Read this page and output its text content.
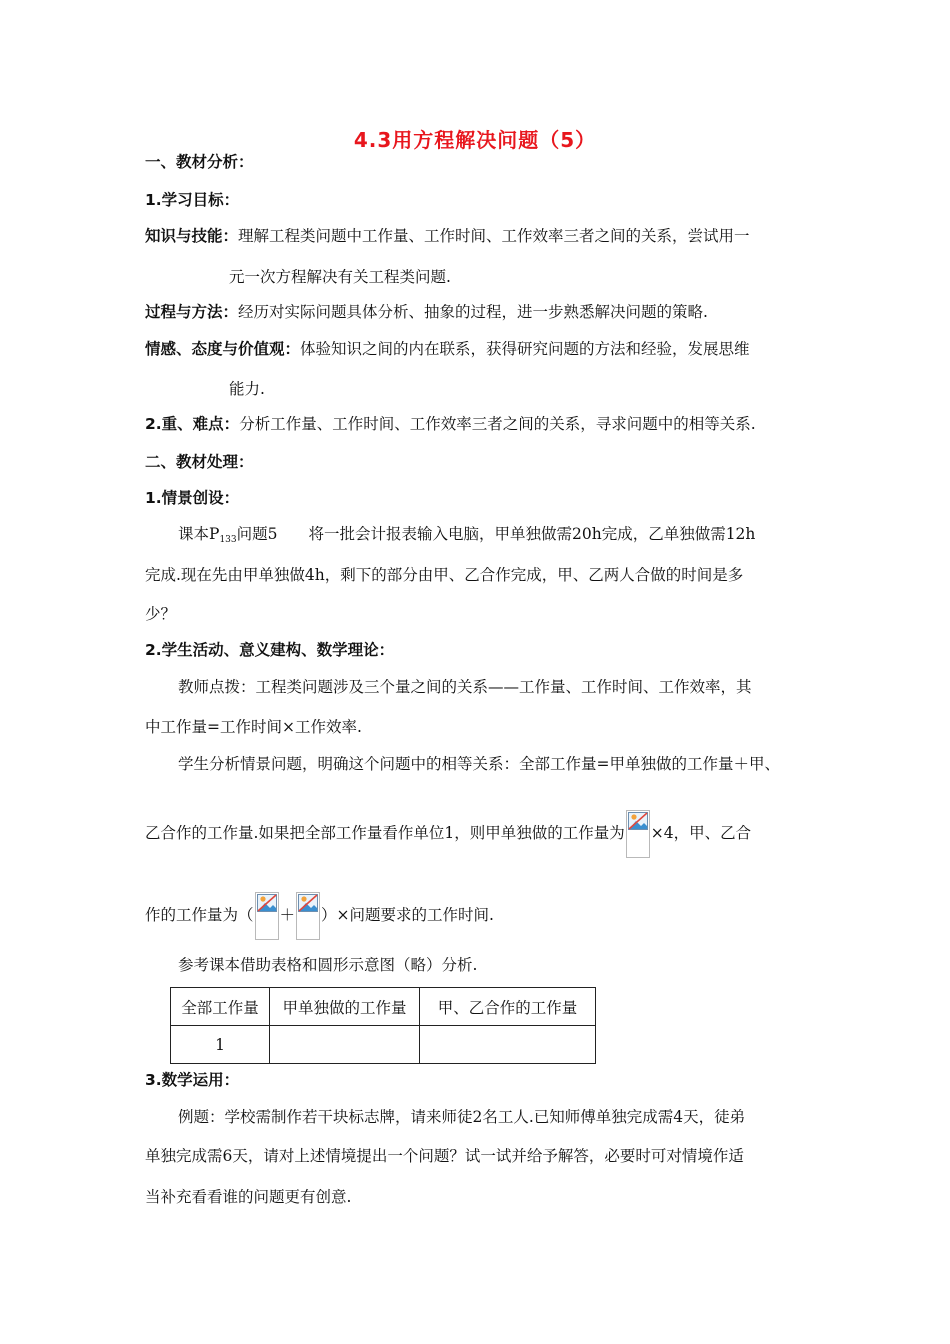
4.3用方程解决问题（5）
一、教材分析：
1.学习目标：
知识与技能：理解工程类问题中工作量、工作时间、工作效率三者之间的关系，尝试用一
元一次方程解决有关工程类问题.
过程与方法：经历对实际问题具体分析、抽象的过程，进一步熟悉解决问题的策略.
情感、态度与价值观：体验知识之间的内在联系，获得研究问题的方法和经验，发展思维
能力.
2.重、难点：分析工作量、工作时间、工作效率三者之间的关系，寻求问题中的相等关系.
二、教材处理：
1.情景创设：
课本$P_{133}$问题5　　将一批会计报表输入电脑，甲单独做需20h完成，乙单独做需12h
完成.现在先由甲单独做4h，剩下的部分由甲、乙合作完成，甲、乙两人合做的时间是多
少？
2.学生活动、意义建构、数学理论：
教师点拨：工程类问题涉及三个量之间的关系——工作量、工作时间、工作效率，其
中工作量=工作时间×工作效率.
学生分析情景问题，明确这个问题中的相等关系：全部工作量=甲单独做的工作量＋甲、
乙合作的工作量.如果把全部工作量看作单位1，则甲单独做的工作量为 ×4，甲、乙合
作的工作量为（ ＋ ）×问题要求的工作时间.
参考课本借助表格和圆形示意图（略）分析.
全部工作量	甲单独做的工作量	甲、乙合作的工作量
1		
3.数学运用：
例题：学校需制作若干块标志牌，请来师徒2名工人.已知师傅单独完成需4天，徒弟
单独完成需6天，请对上述情境提出一个问题？试一试并给予解答，必要时可对情境作适
当补充看看谁的问题更有创意.
